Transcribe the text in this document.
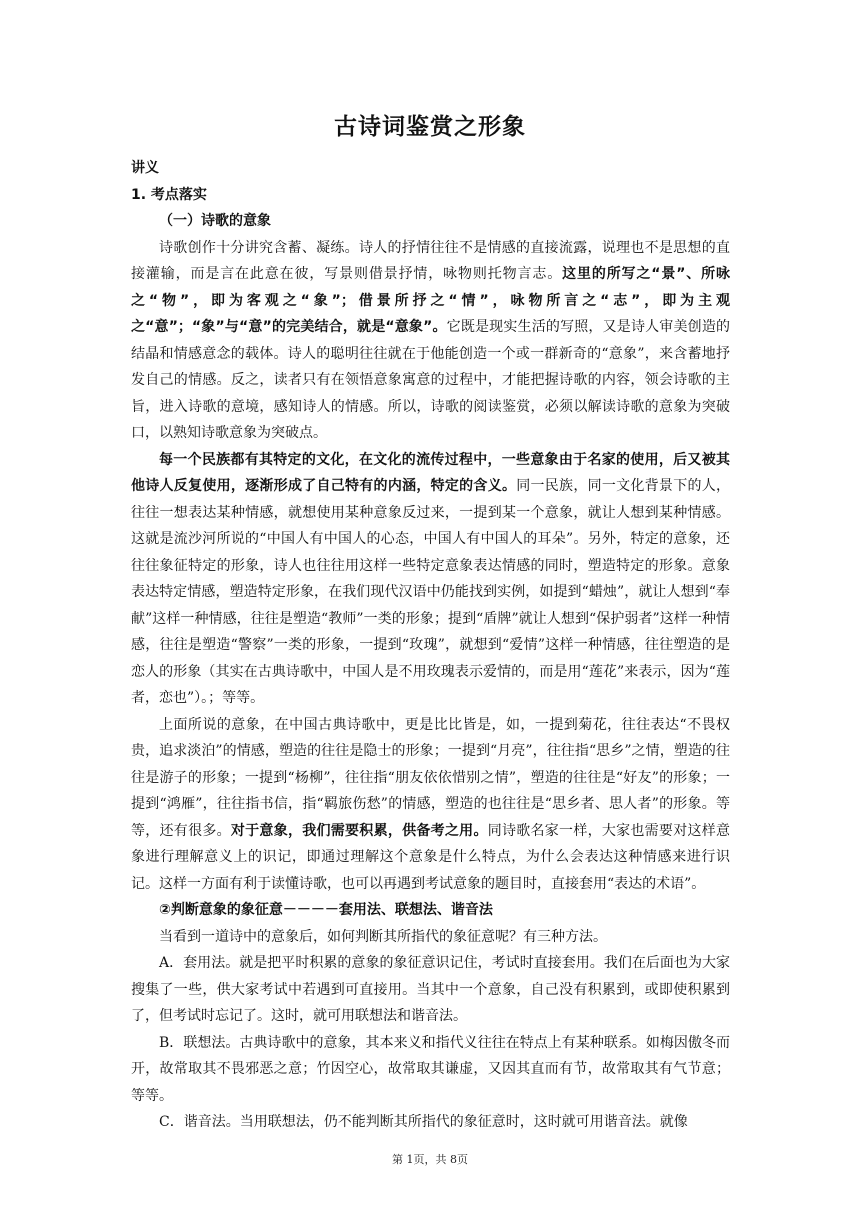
古诗词鉴赏之形象

讲义

1. 考点落实

（一）诗歌的意象

诗歌创作十分讲究含蓄、凝练。诗人的抒情往往不是情感的直接流露，说理也不是思想的直接灌输，而是言在此意在彼，写景则借景抒情，咏物则托物言志。这里的所写之“景”、所咏之“物”，即为客观之“象”；借景所抒之“情”，咏物所言之“志”，即为主观之“意”；“象”与“意”的完美结合，就是“意象”。它既是现实生活的写照，又是诗人审美创造的结晶和情感意念的载体。诗人的聪明往往就在于他能创造一个或一群新奇的“意象”，来含蓄地抒发自己的情感。反之，读者只有在领悟意象寓意的过程中，才能把握诗歌的内容，领会诗歌的主旨，进入诗歌的意境，感知诗人的情感。所以，诗歌的阅读鉴赏，必须以解读诗歌的意象为突破口，以熟知诗歌意象为突破点。

每一个民族都有其特定的文化，在文化的流传过程中，一些意象由于名家的使用，后又被其他诗人反复使用，逐渐形成了自己特有的内涵，特定的含义。同一民族，同一文化背景下的人，往往一想表达某种情感，就想使用某种意象反过来，一提到某一个意象，就让人想到某种情感。这就是流沙河所说的“中国人有中国人的心态，中国人有中国人的耳朵”。另外，特定的意象，还往往象征特定的形象，诗人也往往用这样一些特定意象表达情感的同时，塑造特定的形象。意象表达特定情感，塑造特定形象，在我们现代汉语中仍能找到实例，如提到“蜡烛”，就让人想到“奉献”这样一种情感，往往是塑造“教师”一类的形象；提到“盾牌”就让人想到“保护弱者”这样一种情感，往往是塑造“警察”一类的形象，一提到“玫瑰”，就想到“爱情”这样一种情感，往往塑造的是恋人的形象（其实在古典诗歌中，中国人是不用玫瑰表示爱情的，而是用“莲花”来表示，因为“莲者，恋也”）。；等等。

上面所说的意象，在中国古典诗歌中，更是比比皆是，如，一提到菊花，往往表达“不畏权贵，追求淡泊”的情感，塑造的往往是隐士的形象；一提到“月亮”，往往指“思乡”之情，塑造的往往是游子的形象；一提到“杨柳”，往往指“朋友依依惜别之情”，塑造的往往是“好友”的形象；一提到“鸿雁”，往往指书信，指“羁旅伤愁”的情感，塑造的也往往是“思乡者、思人者”的形象。等等，还有很多。对于意象，我们需要积累，供备考之用。同诗歌名家一样，大家也需要对这样意象进行理解意义上的识记，即通过理解这个意象是什么特点，为什么会表达这种情感来进行识记。这样一方面有利于读懂诗歌，也可以再遇到考试意象的题目时，直接套用“表达的术语”。

②判断意象的象征意－－－－套用法、联想法、谐音法

当看到一道诗中的意象后，如何判断其所指代的象征意呢？有三种方法。

A．套用法。就是把平时积累的意象的象征意识记住，考试时直接套用。我们在后面也为大家搜集了一些，供大家考试中若遇到可直接用。当其中一个意象，自己没有积累到，或即使积累到了，但考试时忘记了。这时，就可用联想法和谐音法。

B．联想法。古典诗歌中的意象，其本来义和指代义往往在特点上有某种联系。如梅因傲冬而开，故常取其不畏邪恶之意；竹因空心，故常取其谦虚，又因其直而有节，故常取其有气节意；等等。

C．谐音法。当用联想法，仍不能判断其所指代的象征意时，这时就可用谐音法。就像

第 1页，共 8页
